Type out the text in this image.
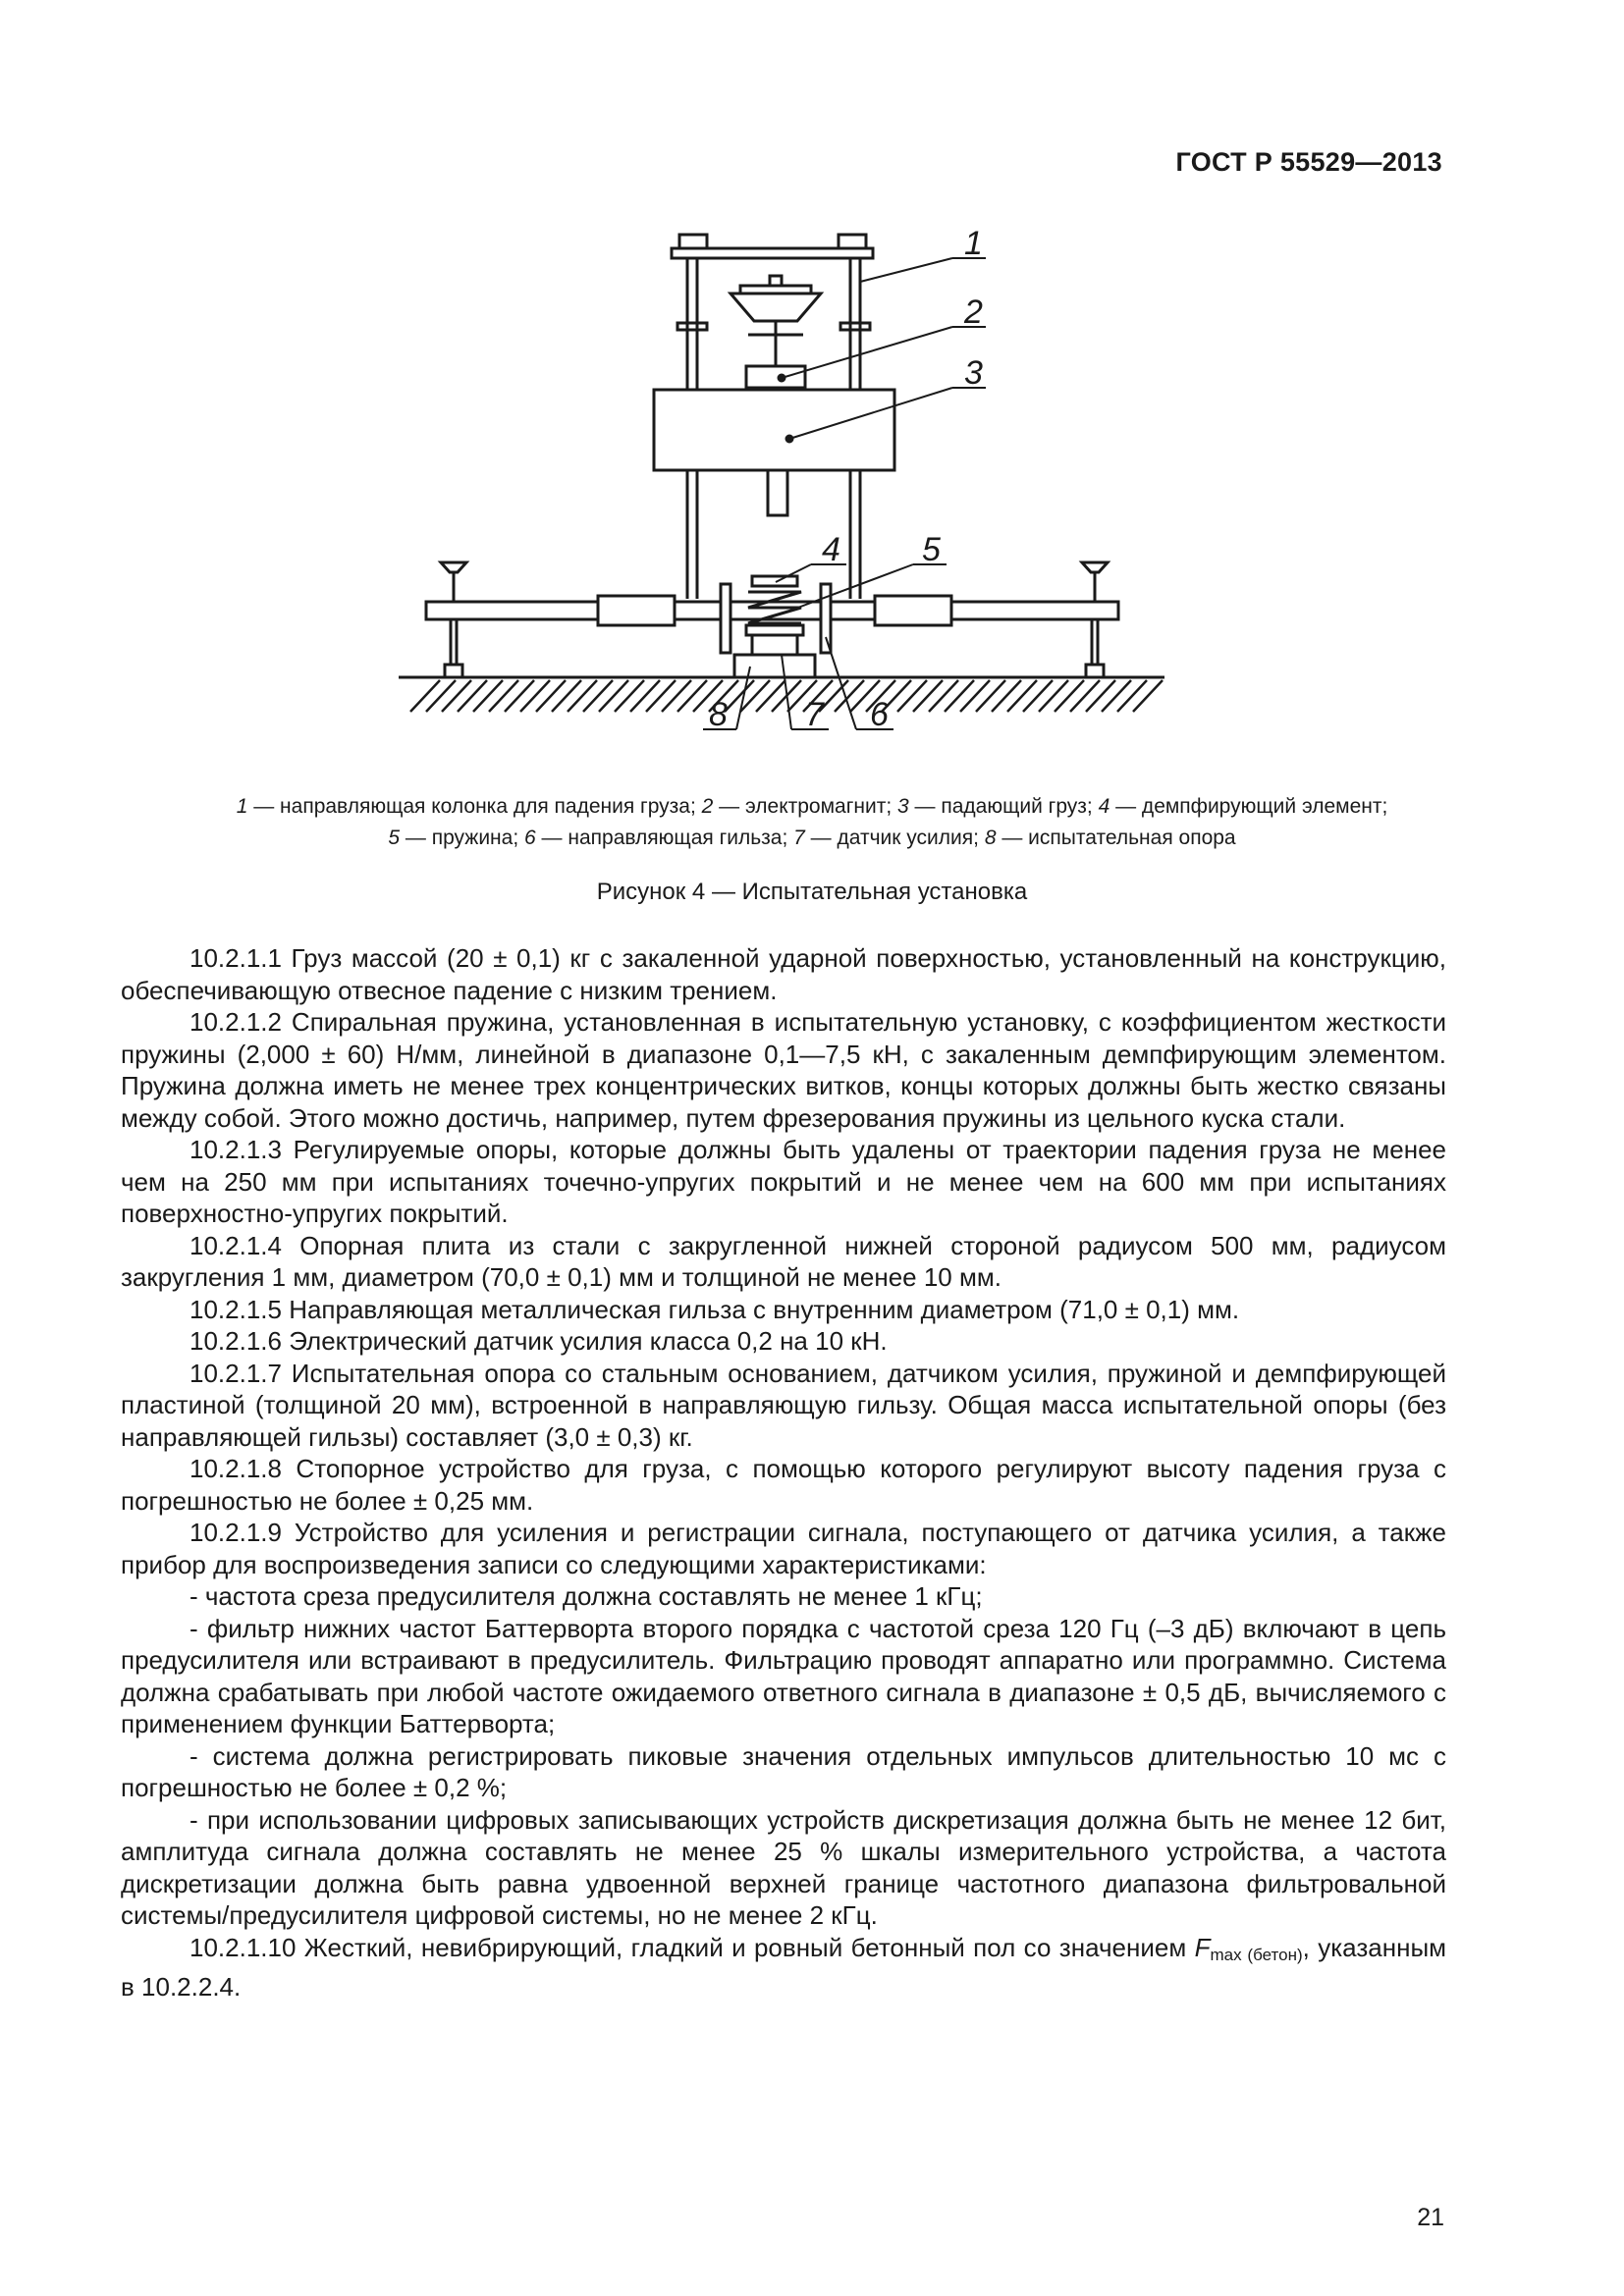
ГОСТ Р 55529—2013
1
2
3
4 5
6
7
8
1 — направляющая колонка для падения груза; 2 — электромагнит; 3 — падающий груз; 4 — демпфирующий элемент;
5 — пружина; 6 — направляющая гильза; 7 — датчик усилия; 8 — испытательная опора
Рисунок 4 — Испытательная установка

10.2.1.1 Груз массой (20 ± 0,1) кг с закаленной ударной поверхностью, установленный на конструкцию, обеспечивающую отвесное падение с низким трением.

10.2.1.2 Спиральная пружина, установленная в испытательную установку, с коэффициентом жесткости пружины (2,000 ± 60) Н/мм, линейной в диапазоне 0,1—7,5 кН, с закаленным демпфирующим элементом. Пружина должна иметь не менее трех концентрических витков, концы которых должны быть жестко связаны между собой. Этого можно достичь, например, путем фрезерования пружины из цельного куска стали.

10.2.1.3 Регулируемые опоры, которые должны быть удалены от траектории падения груза не менее чем на 250 мм при испытаниях точечно-упругих покрытий и не менее чем на 600 мм при испытаниях поверхностно-упругих покрытий.

10.2.1.4 Опорная плита из стали с закругленной нижней стороной радиусом 500 мм, радиусом закругления 1 мм, диаметром (70,0 ± 0,1) мм и толщиной не менее 10 мм.

10.2.1.5 Направляющая металлическая гильза с внутренним диаметром (71,0 ± 0,1) мм.

10.2.1.6 Электрический датчик усилия класса 0,2 на 10 кН.

10.2.1.7 Испытательная опора со стальным основанием, датчиком усилия, пружиной и демпфирующей пластиной (толщиной 20 мм), встроенной в направляющую гильзу. Общая масса испытательной опоры (без направляющей гильзы) составляет (3,0 ± 0,3) кг.

10.2.1.8 Стопорное устройство для груза, с помощью которого регулируют высоту падения груза с погрешностью не более ± 0,25 мм.

10.2.1.9 Устройство для усиления и регистрации сигнала, поступающего от датчика усилия, а также прибор для воспроизведения записи со следующими характеристиками:

- частота среза предусилителя должна составлять не менее 1 кГц;

- фильтр нижних частот Баттерворта второго порядка с частотой среза 120 Гц (–3 дБ) включают в цепь предусилителя или встраивают в предусилитель. Фильтрацию проводят аппаратно или программно. Система должна срабатывать при любой частоте ожидаемого ответного сигнала в диапазоне ± 0,5 дБ, вычисляемого с применением функции Баттерворта;

- система должна регистрировать пиковые значения отдельных импульсов длительностью 10 мс с погрешностью не более ± 0,2 %;

- при использовании цифровых записывающих устройств дискретизация должна быть не менее 12 бит, амплитуда сигнала должна составлять не менее 25 % шкалы измерительного устройства, а частота дискретизации должна быть равна удвоенной верхней границе частотного диапазона фильтровальной системы/предусилителя цифровой системы, но не менее 2 кГц.

10.2.1.10 Жесткий, невибрирующий, гладкий и ровный бетонный пол со значением $F_{max (бетон)}$, указанным в 10.2.2.4.

21
